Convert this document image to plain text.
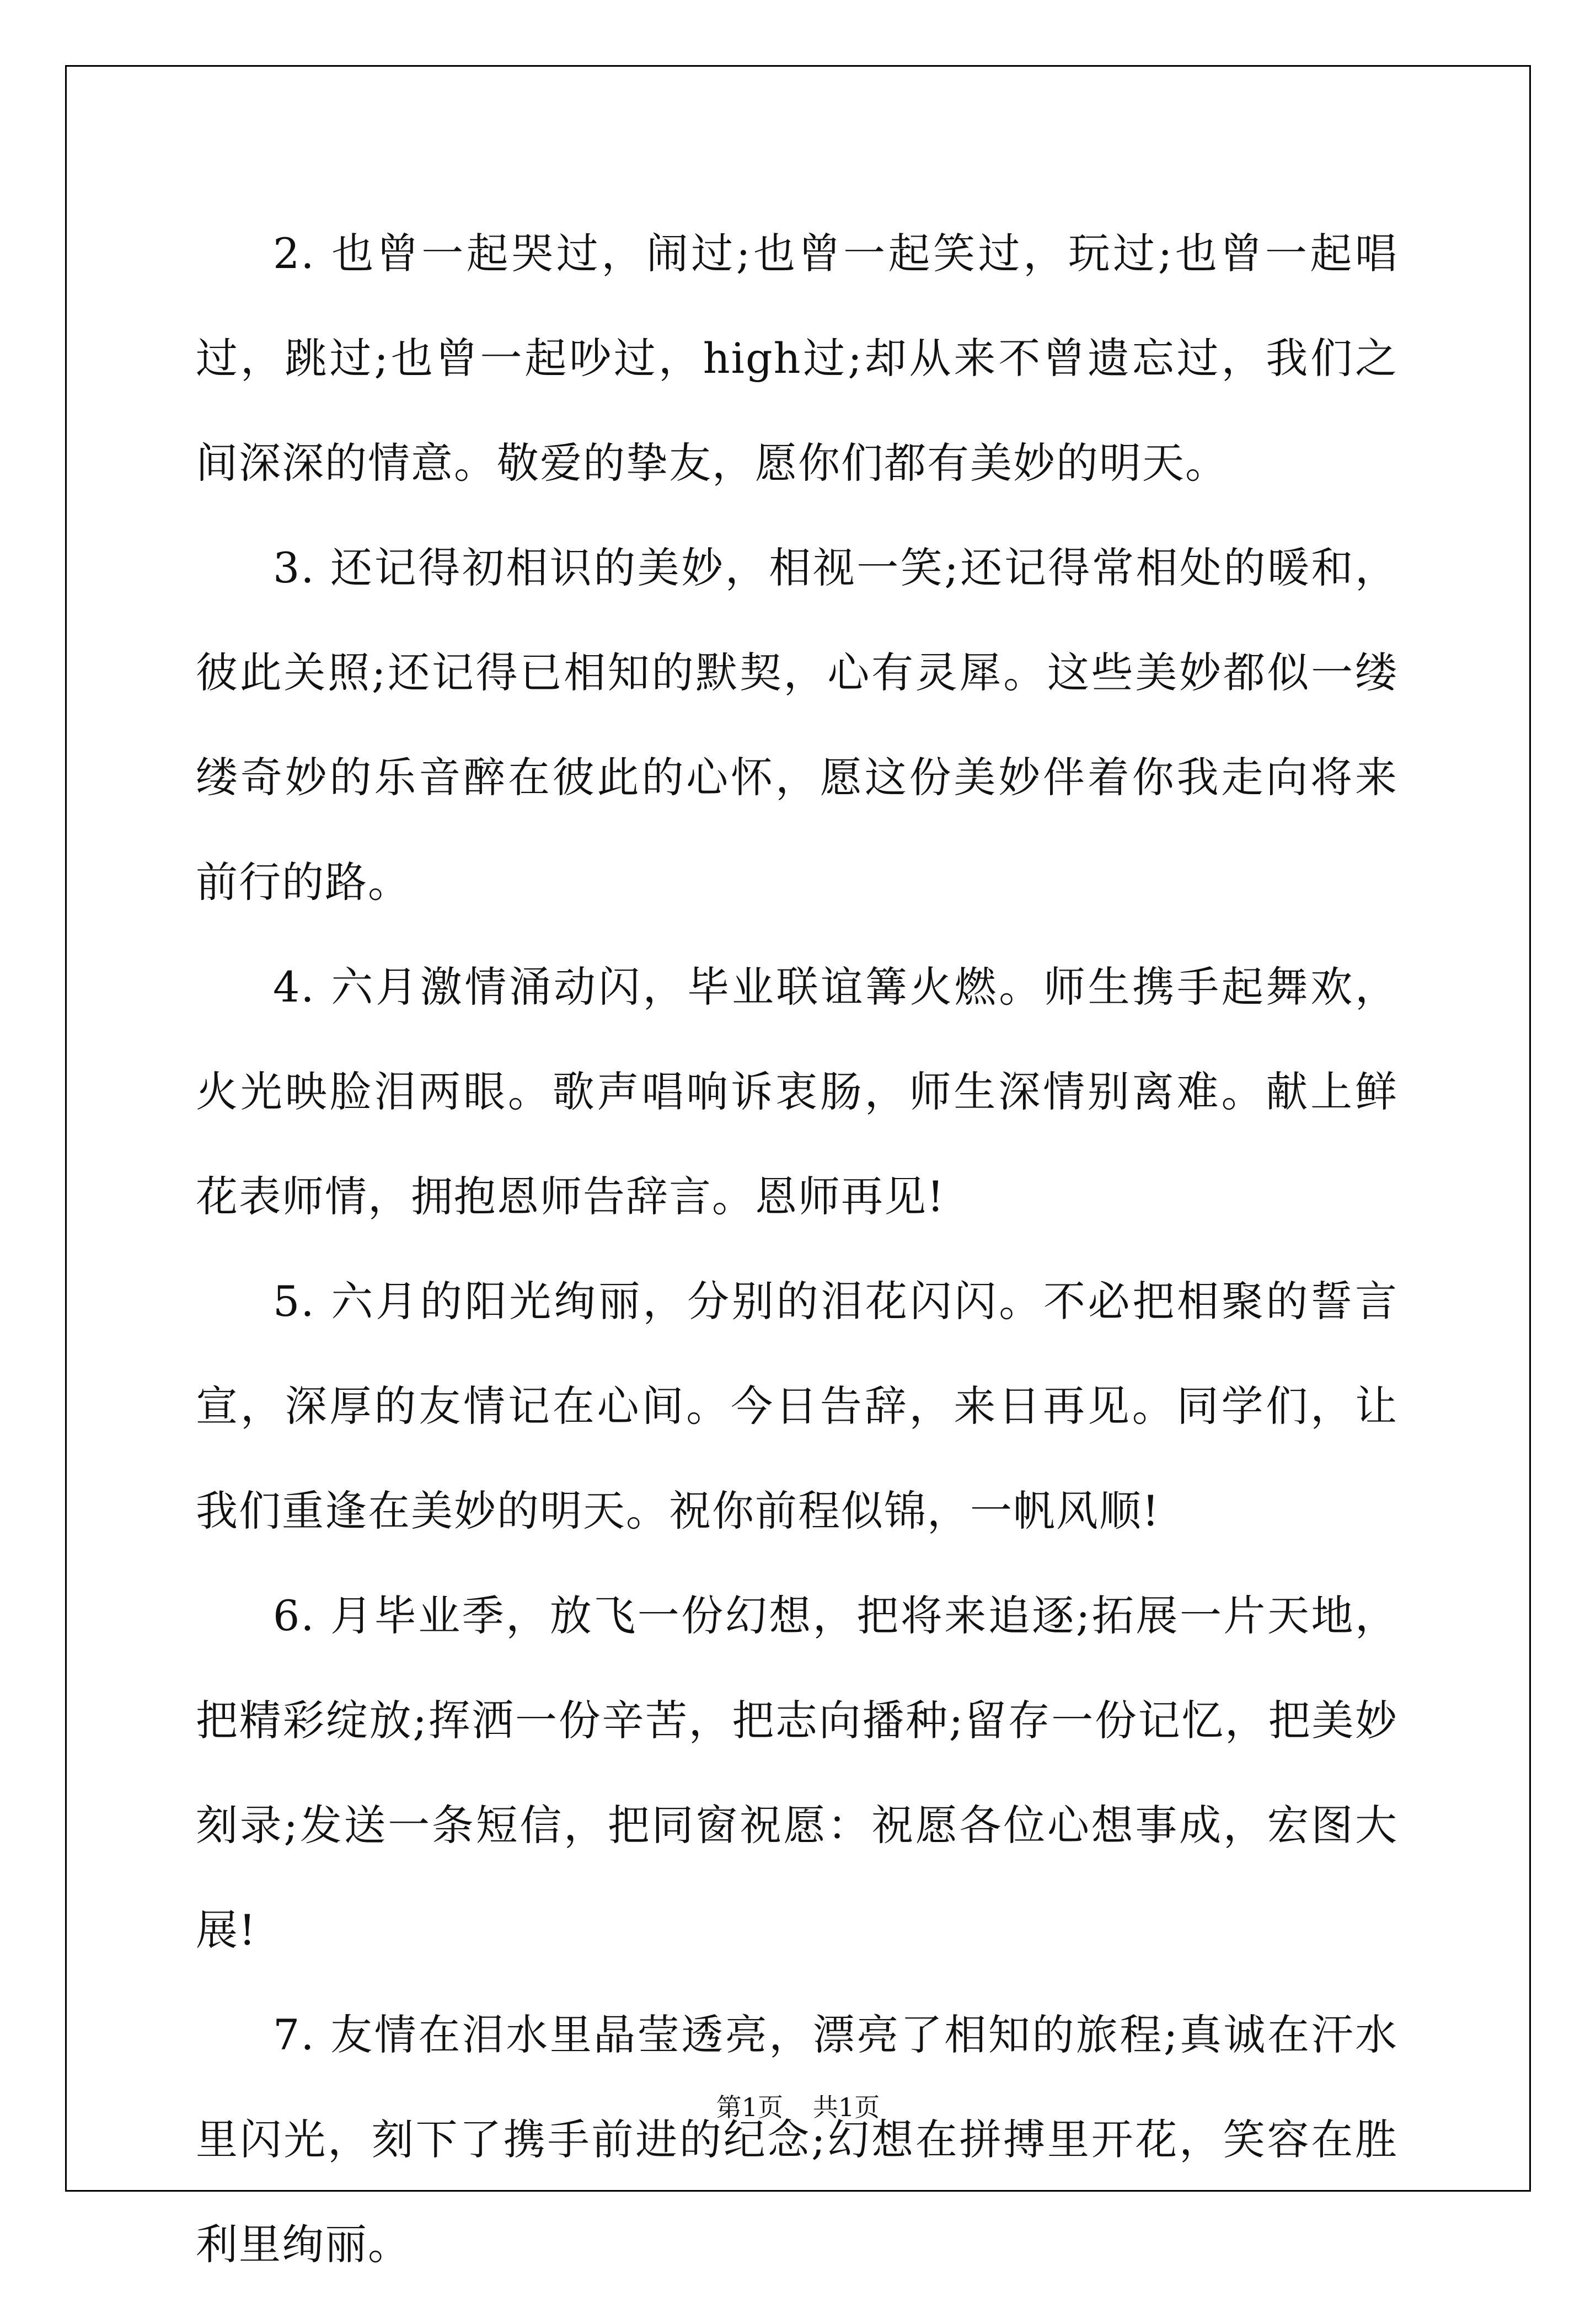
2. 也曾一起哭过，闹过;也曾一起笑过，玩过;也曾一起唱过，跳过;也曾一起吵过，high过;却从来不曾遗忘过，我们之间深深的情意。敬爱的挚友，愿你们都有美妙的明天。

3. 还记得初相识的美妙，相视一笑;还记得常相处的暖和，彼此关照;还记得已相知的默契，心有灵犀。这些美妙都似一缕缕奇妙的乐音醉在彼此的心怀，愿这份美妙伴着你我走向将来前行的路。

4. 六月激情涌动闪，毕业联谊篝火燃。师生携手起舞欢，火光映脸泪两眼。歌声唱响诉衷肠，师生深情别离难。献上鲜花表师情，拥抱恩师告辞言。恩师再见!

5. 六月的阳光绚丽，分别的泪花闪闪。不必把相聚的誓言宣，深厚的友情记在心间。今日告辞，来日再见。同学们，让我们重逢在美妙的明天。祝你前程似锦，一帆风顺!

6. 月毕业季，放飞一份幻想，把将来追逐;拓展一片天地，把精彩绽放;挥洒一份辛苦，把志向播种;留存一份记忆，把美妙刻录;发送一条短信，把同窗祝愿：祝愿各位心想事成，宏图大展!

7. 友情在泪水里晶莹透亮，漂亮了相知的旅程;真诚在汗水里闪光，刻下了携手前进的纪念;幻想在拼搏里开花，笑容在胜利里绚丽。

第1页 共1页
